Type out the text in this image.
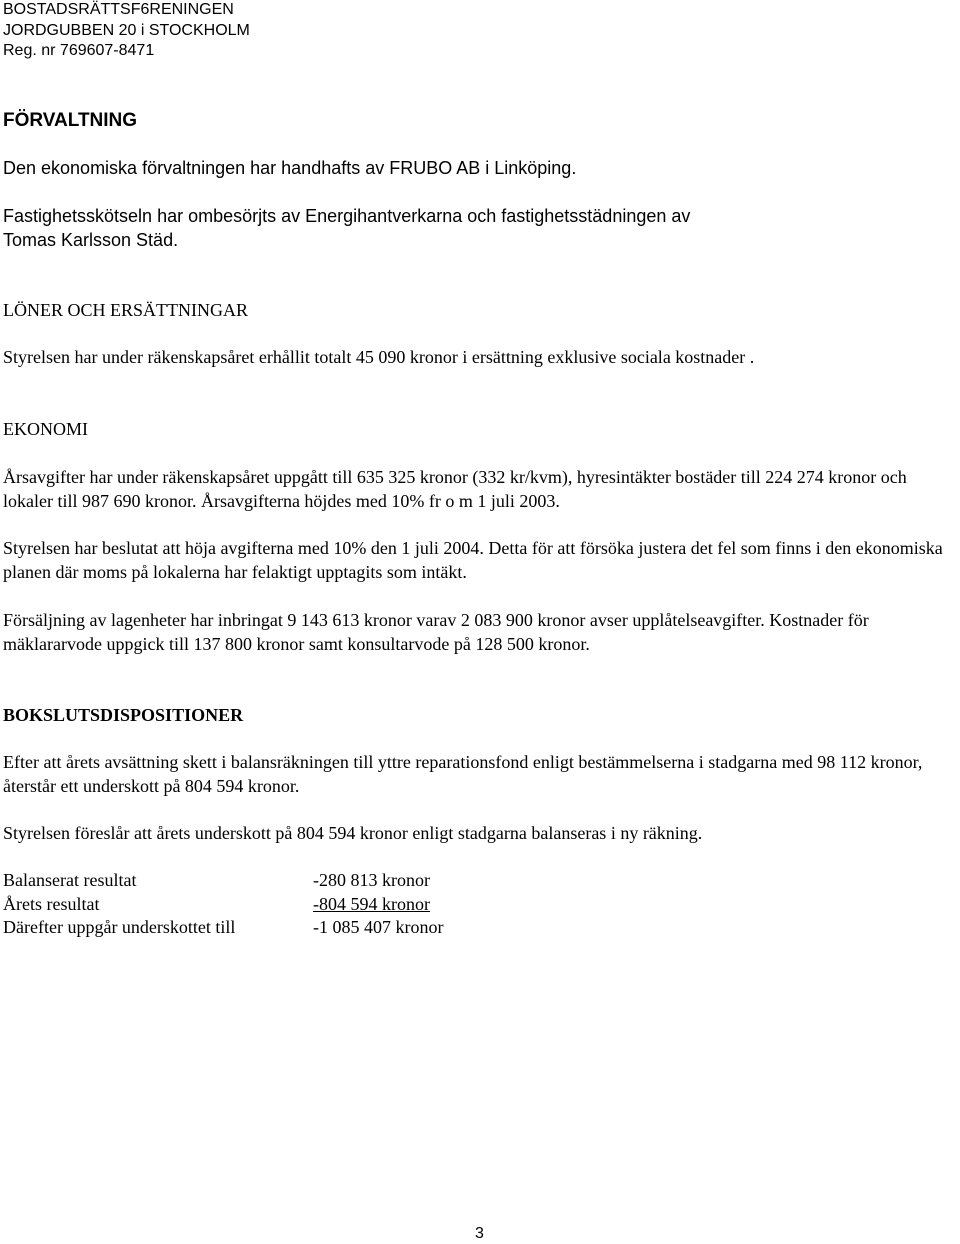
BOSTADSRÄTTSF6RENINGEN
JORDGUBBEN 20 i STOCKHOLM
Reg. nr 769607-8471
FÖRVALTNING

Den ekonomiska förvaltningen har handhafts av FRUBO AB i Linköping.

Fastighetsskötseln har ombesörjts av Energihantverkarna och fastighetsstädningen av Tomas Karlsson Städ.

LÖNER OCH ERSÄTTNINGAR

Styrelsen har under räkenskapsåret erhållit totalt 45 090 kronor i ersättning exklusive sociala kostnader .

EKONOMI

Årsavgifter har under räkenskapsåret uppgått till 635 325 kronor (332 kr/kvm), hyresintäkter bostäder till 224 274 kronor och lokaler till 987 690 kronor. Årsavgifterna höjdes med 10% fr o m 1 juli 2003.

Styrelsen har beslutat att höja avgifterna med 10% den 1 juli 2004. Detta för att försöka justera det fel som finns i den ekonomiska planen där moms på lokalerna har felaktigt upptagits som intäkt.

Försäljning av lagenheter har inbringat 9 143 613 kronor varav 2 083 900 kronor avser upplåtelseavgifter. Kostnader för mäklararvode uppgick till 137 800 kronor samt konsultarvode på 128 500 kronor.

BOKSLUTSDISPOSITIONER

Efter att årets avsättning skett i balansräkningen till yttre reparationsfond enligt bestämmelserna i stadgarna med 98 112 kronor, återstår ett underskott på 804 594 kronor.

Styrelsen föreslår att årets underskott på 804 594 kronor enligt stadgarna balanseras i ny räkning.

Balanserat resultat	-280 813 kronor
Årets resultat	-804 594 kronor
Därefter uppgår underskottet till	-1 085 407 kronor
3
